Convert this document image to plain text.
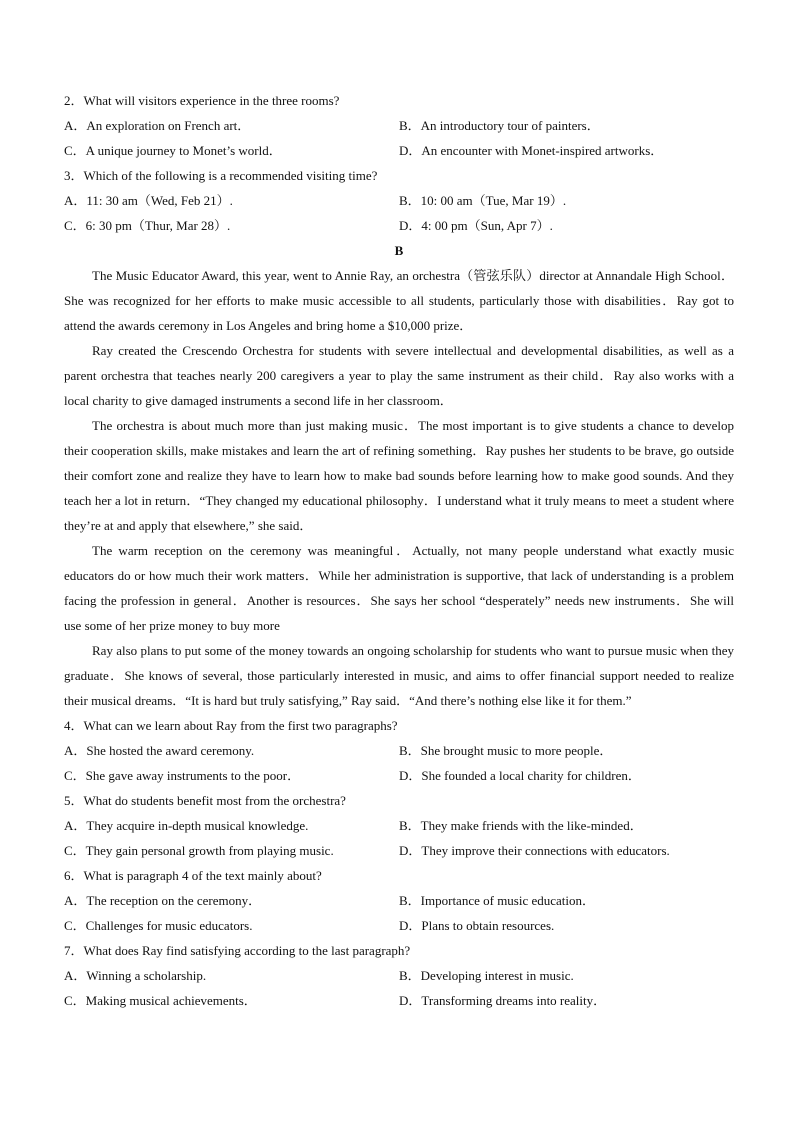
2．What will visitors experience in the three rooms?
A．An exploration on French art．	B．An introductory tour of painters．
C．A unique journey to Monet’s world．	D．An encounter with Monet-inspired artworks．
3．Which of the following is a recommended visiting time?
A．11: 30 am（Wed, Feb 21）.	B．10: 00 am（Tue, Mar 19）.
C．6: 30 pm（Thur, Mar 28）.	D．4: 00 pm（Sun, Apr 7）.
B

The Music Educator Award, this year, went to Annie Ray, an orchestra（管弦乐队）director at Annandale High School．She was recognized for her efforts to make music accessible to all students, particularly those with disabilities．Ray got to attend the awards ceremony in Los Angeles and bring home a $10,000 prize．

Ray created the Crescendo Orchestra for students with severe intellectual and developmental disabilities, as well as a parent orchestra that teaches nearly 200 caregivers a year to play the same instrument as their child．Ray also works with a local charity to give damaged instruments a second life in her classroom．

The orchestra is about much more than just making music．The most important is to give students a chance to develop their cooperation skills, make mistakes and learn the art of refining something．Ray pushes her students to be brave, go outside their comfort zone and realize they have to learn how to make bad sounds before learning how to make good sounds. And they teach her a lot in return．“They changed my educational philosophy．I understand what it truly means to meet a student where they’re at and apply that elsewhere,” she said．

The warm reception on the ceremony was meaningful．Actually, not many people understand what exactly music educators do or how much their work matters．While her administration is supportive, that lack of understanding is a problem facing the profession in general．Another is resources．She says her school “desperately” needs new instruments．She will use some of her prize money to buy more

Ray also plans to put some of the money towards an ongoing scholarship for students who want to pursue music when they graduate．She knows of several, those particularly interested in music, and aims to offer financial support needed to realize their musical dreams．“It is hard but truly satisfying,” Ray said．“And there’s nothing else like it for them.”

4．What can we learn about Ray from the first two paragraphs?
A．She hosted the award ceremony.	B．She brought music to more people．
C．She gave away instruments to the poor．	D．She founded a local charity for children．
5．What do students benefit most from the orchestra?
A．They acquire in-depth musical knowledge.	B．They make friends with the like-minded．
C．They gain personal growth from playing music.	D．They improve their connections with educators.
6．What is paragraph 4 of the text mainly about?
A．The reception on the ceremony．	B．Importance of music education．
C．Challenges for music educators.	D．Plans to obtain resources.
7．What does Ray find satisfying according to the last paragraph?
A．Winning a scholarship.	B．Developing interest in music.
C．Making musical achievements．	D．Transforming dreams into reality．
